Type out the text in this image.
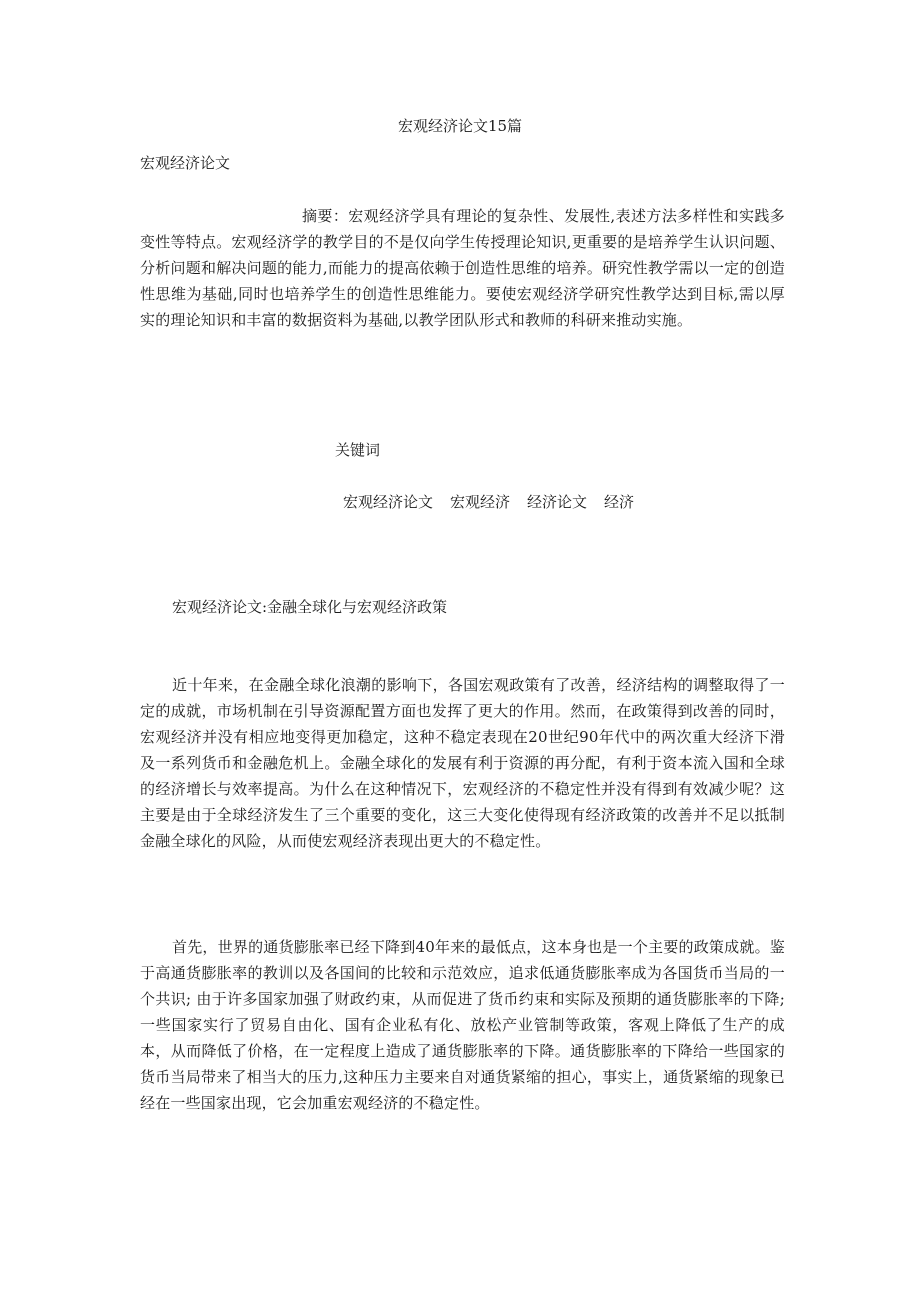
宏观经济论文15篇
宏观经济论文
摘要：宏观经济学具有理论的复杂性、发展性,表述方法多样性和实践多变性等特点。宏观经济学的教学目的不是仅向学生传授理论知识,更重要的是培养学生认识问题、分析问题和解决问题的能力,而能力的提高依赖于创造性思维的培养。研究性教学需以一定的创造性思维为基础,同时也培养学生的创造性思维能力。要使宏观经济学研究性教学达到目标,需以厚实的理论知识和丰富的数据资料为基础,以教学团队形式和教师的科研来推动实施。
关键词
宏观经济论文 宏观经济 经济论文 经济
宏观经济论文:金融全球化与宏观经济政策
近十年来，在金融全球化浪潮的影响下，各国宏观政策有了改善，经济结构的调整取得了一定的成就，市场机制在引导资源配置方面也发挥了更大的作用。然而，在政策得到改善的同时，宏观经济并没有相应地变得更加稳定，这种不稳定表现在20世纪90年代中的两次重大经济下滑及一系列货币和金融危机上。金融全球化的发展有利于资源的再分配，有利于资本流入国和全球的经济增长与效率提高。为什么在这种情况下，宏观经济的不稳定性并没有得到有效减少呢？这主要是由于全球经济发生了三个重要的变化，这三大变化使得现有经济政策的改善并不足以抵制金融全球化的风险，从而使宏观经济表现出更大的不稳定性。
首先，世界的通货膨胀率已经下降到40年来的最低点，这本身也是一个主要的政策成就。鉴于高通货膨胀率的教训以及各国间的比较和示范效应，追求低通货膨胀率成为各国货币当局的一个共识; 由于许多国家加强了财政约束，从而促进了货币约束和实际及预期的通货膨胀率的下降; 一些国家实行了贸易自由化、国有企业私有化、放松产业管制等政策，客观上降低了生产的成本，从而降低了价格，在一定程度上造成了通货膨胀率的下降。通货膨胀率的下降给一些国家的货币当局带来了相当大的压力,这种压力主要来自对通货紧缩的担心，事实上，通货紧缩的现象已经在一些国家出现，它会加重宏观经济的不稳定性。
